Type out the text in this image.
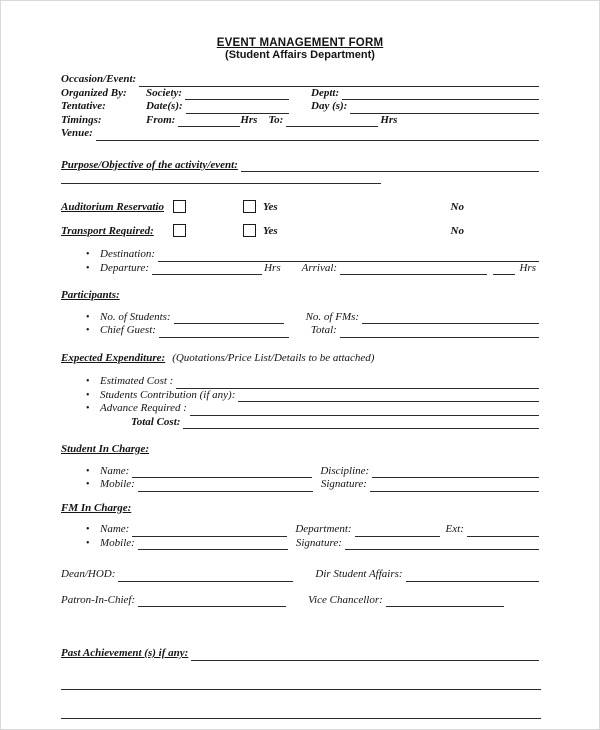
EVENT MANAGEMENT FORM
(Student Affairs Department)
Occasion/Event:
Organized By:	Society:	Deptt:
Tentative:	Date(s):	Day (s):
Timings:	From:	Hrs To:	Hrs
Venue:
Purpose/Objective of the activity/event:
Auditorium Reservatio	Yes	No
Transport Required:	Yes	No
• Destination:
• Departure:	Hrs Arrival:	Hrs
Participants:
• No. of Students:	No. of FMs:
• Chief Guest:	Total:
Expected Expenditure: (Quotations/Price List/Details to be attached)
• Estimated Cost :
• Students Contribution (if any):
• Advance Required :
Total Cost:
Student In Charge:
• Name:	Discipline:
• Mobile:	Signature:
FM In Charge:
• Name:	Department:	Ext:
• Mobile:	Signature:
Dean/HOD:	Dir Student Affairs:
Patron-In-Chief:	Vice Chancellor:
Past Achievement (s) if any:
